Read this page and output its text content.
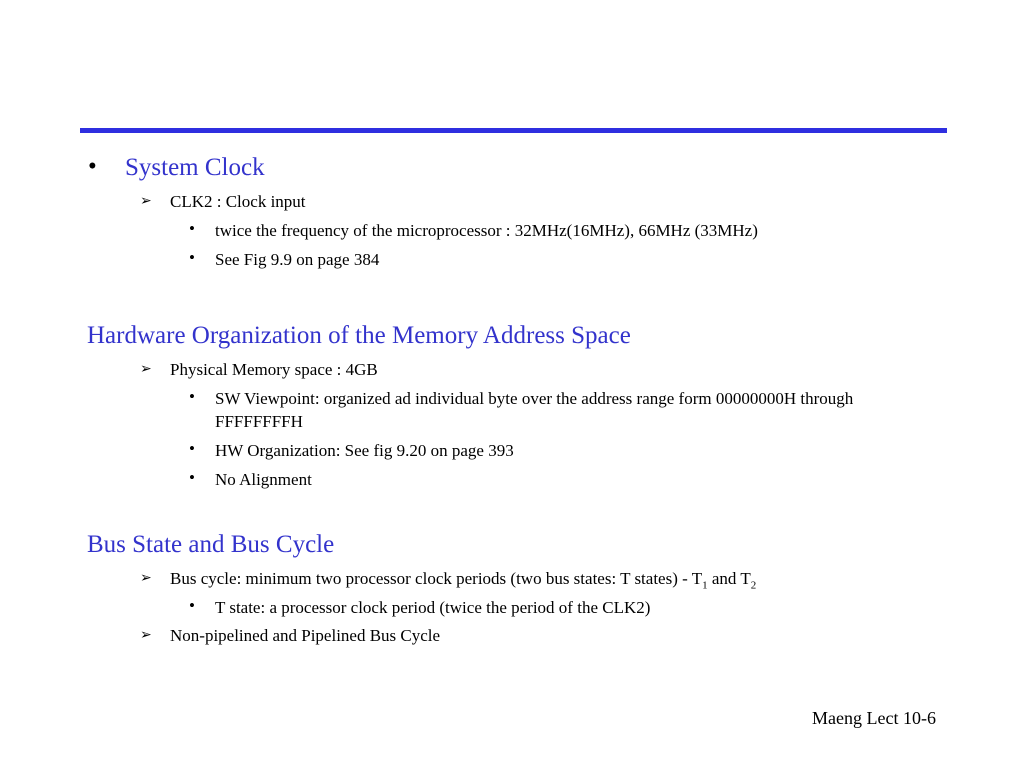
• System Clock
➢ CLK2 : Clock input
• twice the frequency of the microprocessor : 32MHz(16MHz), 66MHz (33MHz)
• See Fig 9.9 on page 384
Hardware Organization of the Memory Address Space
➢ Physical Memory space : 4GB
• SW Viewpoint: organized ad individual byte over the address range form 00000000H through FFFFFFFFH
• HW Organization: See fig 9.20 on page 393
• No Alignment
Bus State and Bus Cycle
➢ Bus cycle: minimum two processor clock periods (two bus states: T states) - $T_1$ and $T_2$
• T state: a processor clock period (twice the period of the CLK2)
➢ Non-pipelined and Pipelined Bus Cycle
Maeng Lect 10-6
